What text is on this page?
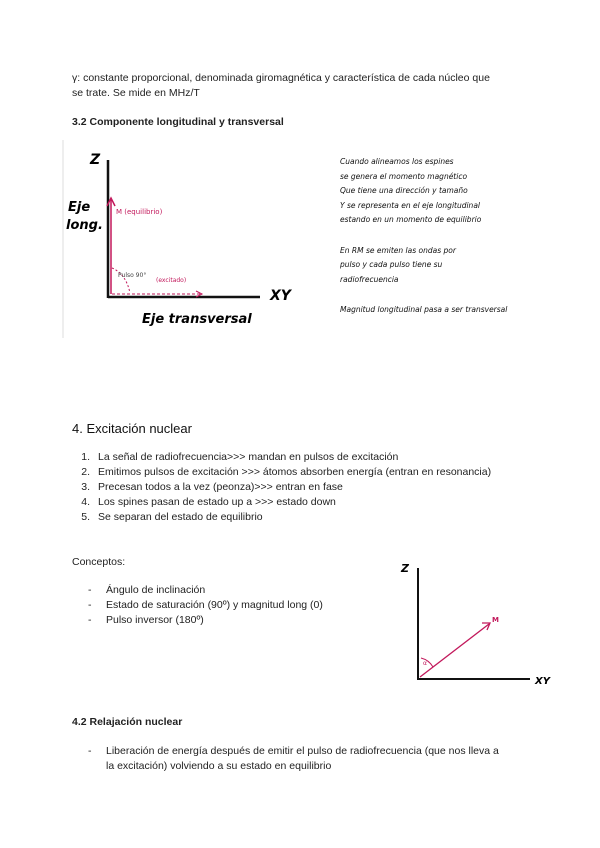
γ: constante proporcional, denominada giromagnética y característica de cada núcleo que
se trate. Se mide en MHz/T
3.2 Componente longitudinal y transversal
Z
Eje
long.
XY
Eje transversal
M (equilibrio)
Pulso 90°
(excitado)
Cuando alineamos los espines
se genera el momento magnético
Que tiene una dirección y tamaño
Y se representa en el eje longitudinal
estando en un momento de equilibrio
En RM se emiten las ondas por
pulso y cada pulso tiene su
radiofrecuencia
Magnitud longitudinal pasa a ser transversal
4. Excitación nuclear
1. La señal de radiofrecuencia>>> mandan en pulsos de excitación
2. Emitimos pulsos de excitación >>> átomos absorben energía (entran en resonancia)
3. Precesan todos a la vez (peonza)>>> entran en fase
4. Los spines pasan de estado up a >>> estado down
5. Se separan del estado de equilibrio
Conceptos:
-	Ángulo de inclinación
-	Estado de saturación (90º) y magnitud long (0)
-	Pulso inversor (180º)
Z
XY
M
α
4.2 Relajación nuclear
-	Liberación de energía después de emitir el pulso de radiofrecuencia (que nos lleva a
la excitación) volviendo a su estado en equilibrio
